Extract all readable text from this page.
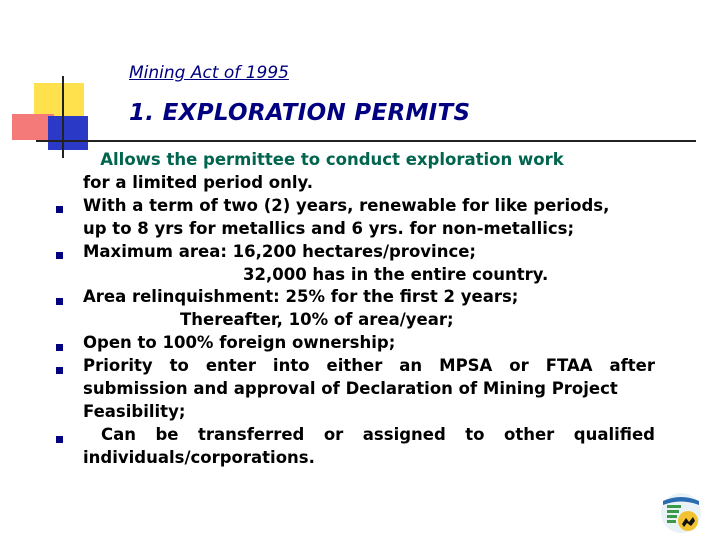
Mining Act of 1995
1. EXPLORATION PERMITS
Allows the permittee to conduct exploration work
for a limited period only.
With a term of two (2) years, renewable for like periods,
up to 8 yrs for metallics and 6 yrs. for non-metallics;
Maximum area: 16,200 hectares/province;
32,000 has in the entire country.
Area relinquishment: 25% for the first 2 years;
Thereafter, 10% of area/year;
Open to 100% foreign ownership;
Priority to enter into either an MPSA or FTAA after
submission and approval of Declaration of Mining Project
Feasibility;
Can be transferred or assigned to other qualified
individuals/corporations.
